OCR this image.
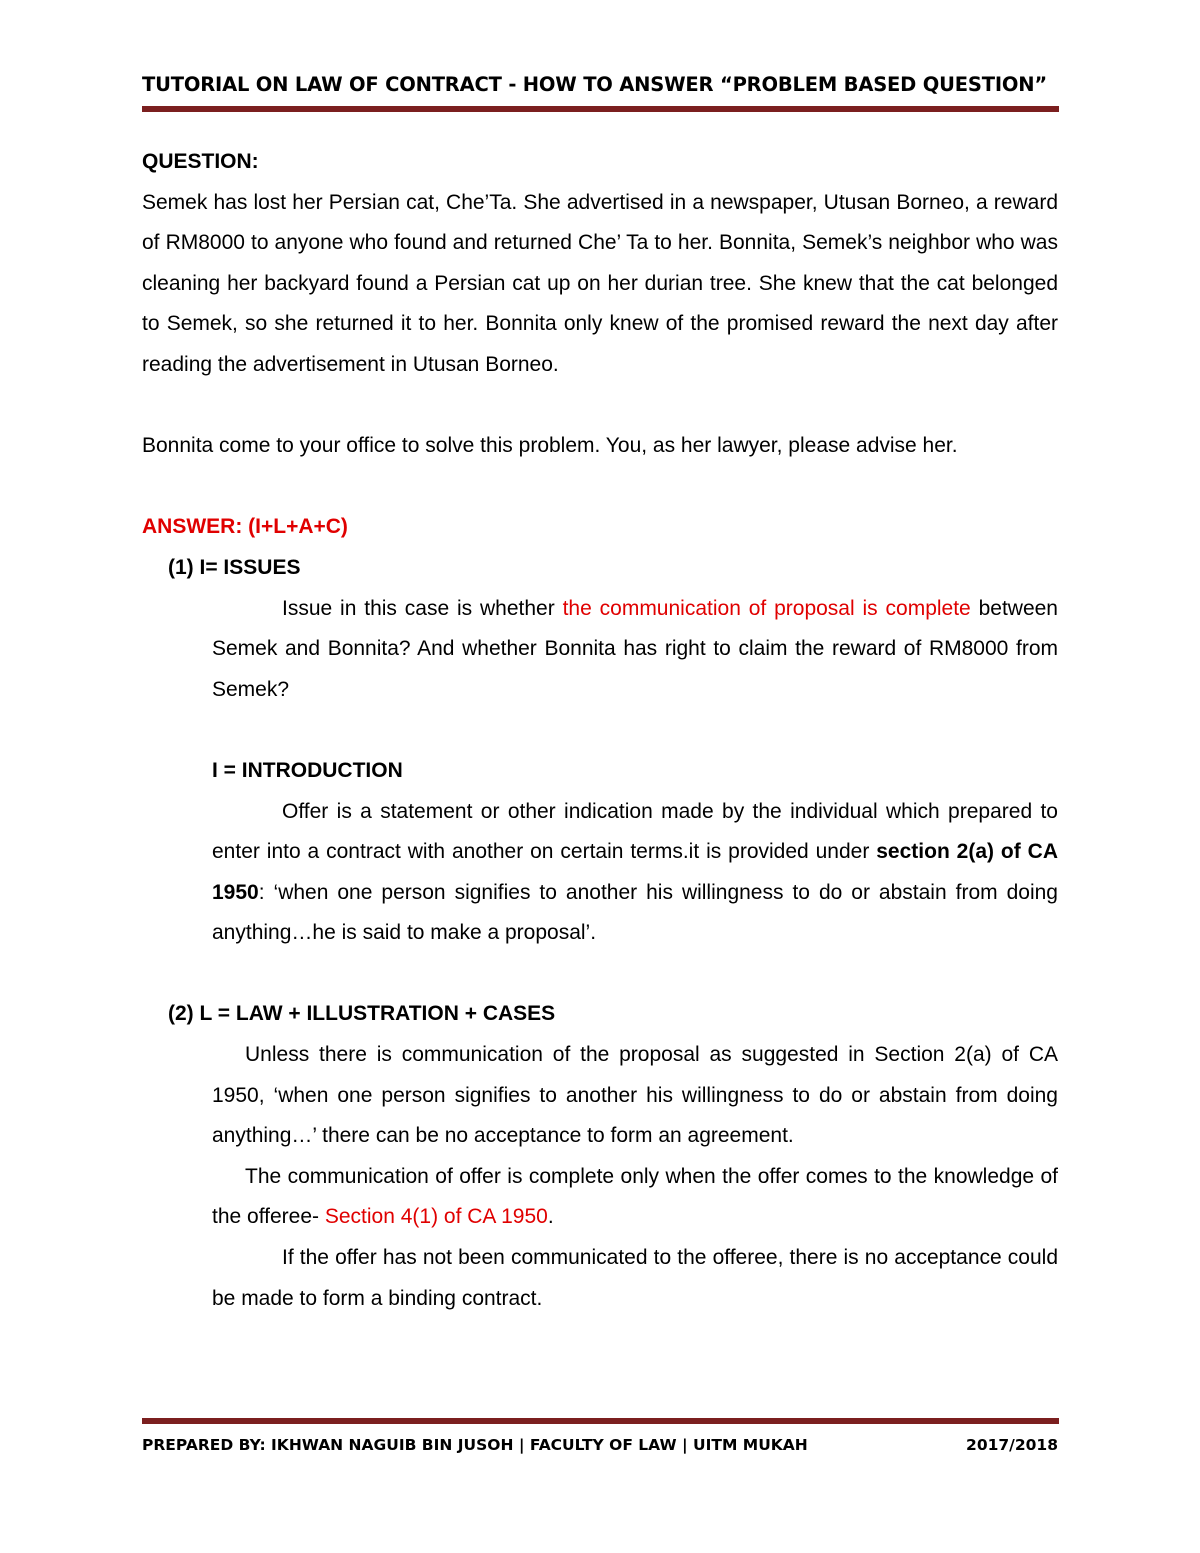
TUTORIAL ON LAW OF CONTRACT - HOW TO ANSWER “PROBLEM BASED QUESTION”

QUESTION:

Semek has lost her Persian cat, Che’Ta. She advertised in a newspaper, Utusan Borneo, a reward of RM8000 to anyone who found and returned Che’ Ta to her. Bonnita, Semek’s neighbor who was cleaning her backyard found a Persian cat up on her durian tree. She knew that the cat belonged to Semek, so she returned it to her. Bonnita only knew of the promised reward the next day after reading the advertisement in Utusan Borneo.

Bonnita come to your office to solve this problem. You, as her lawyer, please advise her.

ANSWER: (I+L+A+C)

(1) I= ISSUES

Issue in this case is whether the communication of proposal is complete between Semek and Bonnita? And whether Bonnita has right to claim the reward of RM8000 from Semek?

I = INTRODUCTION

Offer is a statement or other indication made by the individual which prepared to enter into a contract with another on certain terms.it is provided under section 2(a) of CA 1950: ‘when one person signifies to another his willingness to do or abstain from doing anything…he is said to make a proposal’.

(2) L = LAW + ILLUSTRATION + CASES

Unless there is communication of the proposal as suggested in Section 2(a) of CA 1950, ‘when one person signifies to another his willingness to do or abstain from doing anything…’ there can be no acceptance to form an agreement.

The communication of offer is complete only when the offer comes to the knowledge of the offeree- Section 4(1) of CA 1950.

If the offer has not been communicated to the offeree, there is no acceptance could be made to form a binding contract.

PREPARED BY: IKHWAN NAGUIB BIN JUSOH | FACULTY OF LAW | UITM MUKAH	2017/2018
